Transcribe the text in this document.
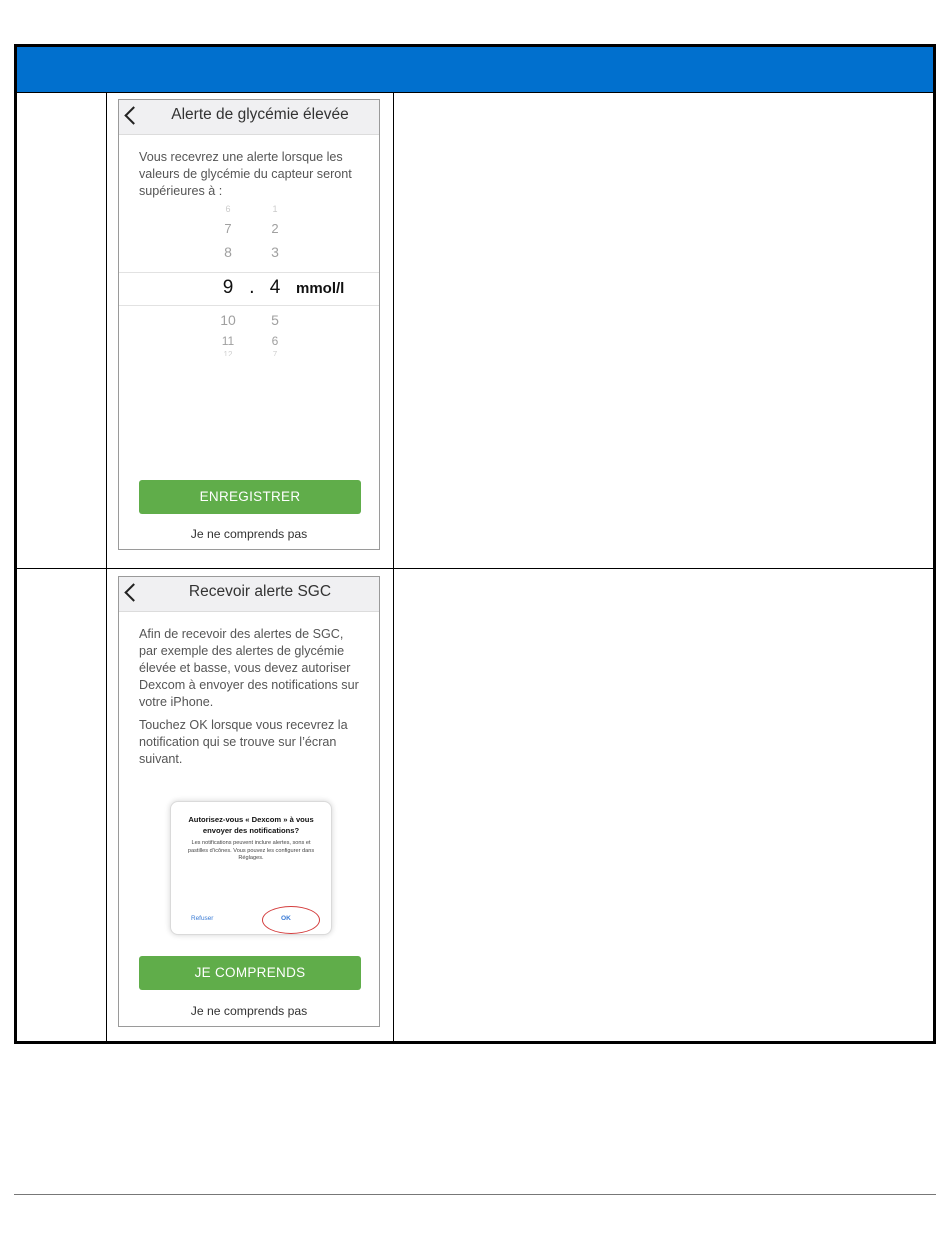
Alerte de glycémie élevée
Vous recevrez une alerte lorsque les valeurs de glycémie du capteur seront supérieures à :
6	1
7	2
8	3
9 . 4	mmol/l
10	5
11	6
12	7
ENREGISTRER
Je ne comprends pas
Recevoir alerte SGC
Afin de recevoir des alertes de SGC, par exemple des alertes de glycémie élevée et basse, vous devez autoriser Dexcom à envoyer des notifications sur votre iPhone.
Touchez OK lorsque vous recevrez la notification qui se trouve sur l’écran suivant.
Autorisez-vous « Dexcom » à vous envoyer des notifications?
Les notifications peuvent inclure alertes, sons et pastilles d’icônes. Vous pouvez les configurer dans Réglages.
Refuser	OK
JE COMPRENDS
Je ne comprends pas
